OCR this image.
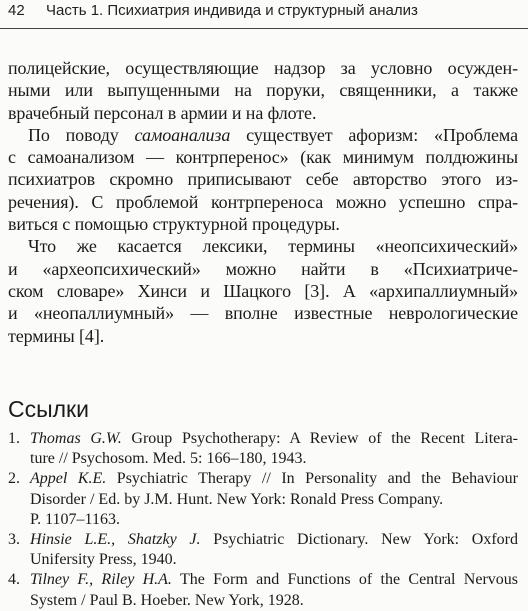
42 Часть 1. Психиатрия индивида и структурный анализ
полицейские, осуществляющие надзор за условно осужден-
ными или выпущенными на поруки, священники, а также
врачебный персонал в армии и на флоте.
По поводу самоанализа существует афоризм: «Проблема
с самоанализом — контрперенос» (как минимум полдюжины
психиатров скромно приписывают себе авторство этого из-
речения). С проблемой контрпереноса можно успешно спра-
виться с помощью структурной процедуры.
Что же касается лексики, термины «неопсихический»
и «археопсихический» можно найти в «Психиатриче-
ском словаре» Хинси и Шацкого [3]. А «архипаллиумный»
и «неопаллиумный» — вполне известные неврологические
термины [4].
Ссылки
1. Thomas G.W. Group Psychotherapy: A Review of the Recent Litera-
ture // Psychosom. Med. 5: 166–180, 1943.
2. Appel K.E. Psychiatric Therapy // In Personality and the Behaviour
Disorder / Ed. by J.M. Hunt. New York: Ronald Press Company.
P. 1107–1163.
3. Hinsie L.E., Shatzky J. Psychiatric Dictionary. New York: Oxford
Unifersity Press, 1940.
4. Tilney F., Riley H.A. The Form and Functions of the Central Nervous
System / Paul B. Hoeber. New York, 1928.
